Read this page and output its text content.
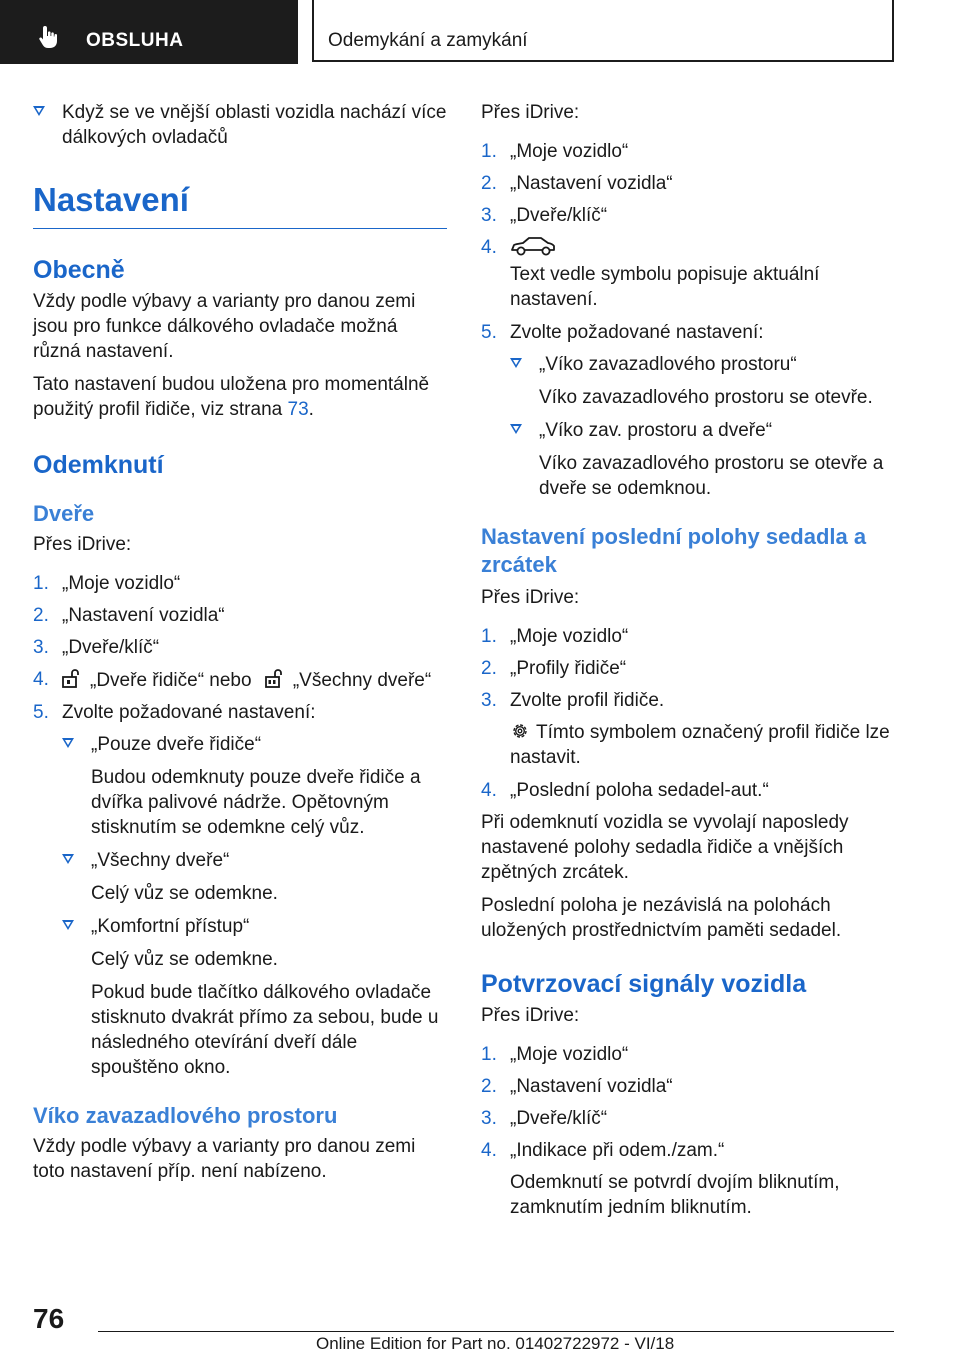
OBSLUHA	Odemykání a zamykání
Když se ve vnější oblasti vozidla nachází více dálkových ovladačů
Nastavení
Obecně

Vždy podle výbavy a varianty pro danou zemi jsou pro funkce dálkového ovladače možná různá nastavení.

Tato nastavení budou uložena pro momentálně použitý profil řidiče, viz strana 73.

Odemknutí
Dveře

Přes iDrive:

1. „Moje vozidlo“
2. „Nastavení vozidla“
3. „Dveře/klíč“
4. „Dveře řidiče“ nebo „Všechny dveře“
5. Zvolte požadované nastavení:
„Pouze dveře řidiče“
Budou odemknuty pouze dveře řidiče a dvířka palivové nádrže. Opětovným stisknutím se odemkne celý vůz.
„Všechny dveře“
Celý vůz se odemkne.
„Komfortní přístup“
Celý vůz se odemkne.
Pokud bude tlačítko dálkového ovladače stisknuto dvakrát přímo za sebou, bude u následného otevírání dveří dále spouštěno okno.
Víko zavazadlového prostoru

Vždy podle výbavy a varianty pro danou zemi toto nastavení příp. není nabízeno.

Přes iDrive:

1. „Moje vozidlo“
2. „Nastavení vozidla“
3. „Dveře/klíč“
4.
Text vedle symbolu popisuje aktuální nastavení.
5. Zvolte požadované nastavení:
„Víko zavazadlového prostoru“
Víko zavazadlového prostoru se otevře.
„Víko zav. prostoru a dveře“
Víko zavazadlového prostoru se otevře a dveře se odemknou.
Nastavení poslední polohy sedadla a zrcátek

Přes iDrive:

1. „Moje vozidlo“
2. „Profily řidiče“
3. Zvolte profil řidiče.
Tímto symbolem označený profil řidiče lze nastavit.
4. „Poslední poloha sedadel-aut.“

Při odemknutí vozidla se vyvolají naposledy nastavené polohy sedadla řidiče a vnějších zpětných zrcátek.

Poslední poloha je nezávislá na polohách uložených prostřednictvím paměti sedadel.

Potvrzovací signály vozidla

Přes iDrive:

1. „Moje vozidlo“
2. „Nastavení vozidla“
3. „Dveře/klíč“
4. „Indikace při odem./zam.“
Odemknutí se potvrdí dvojím bliknutím, zamknutím jedním bliknutím.
76
Online Edition for Part no. 01402722972 - VI/18
